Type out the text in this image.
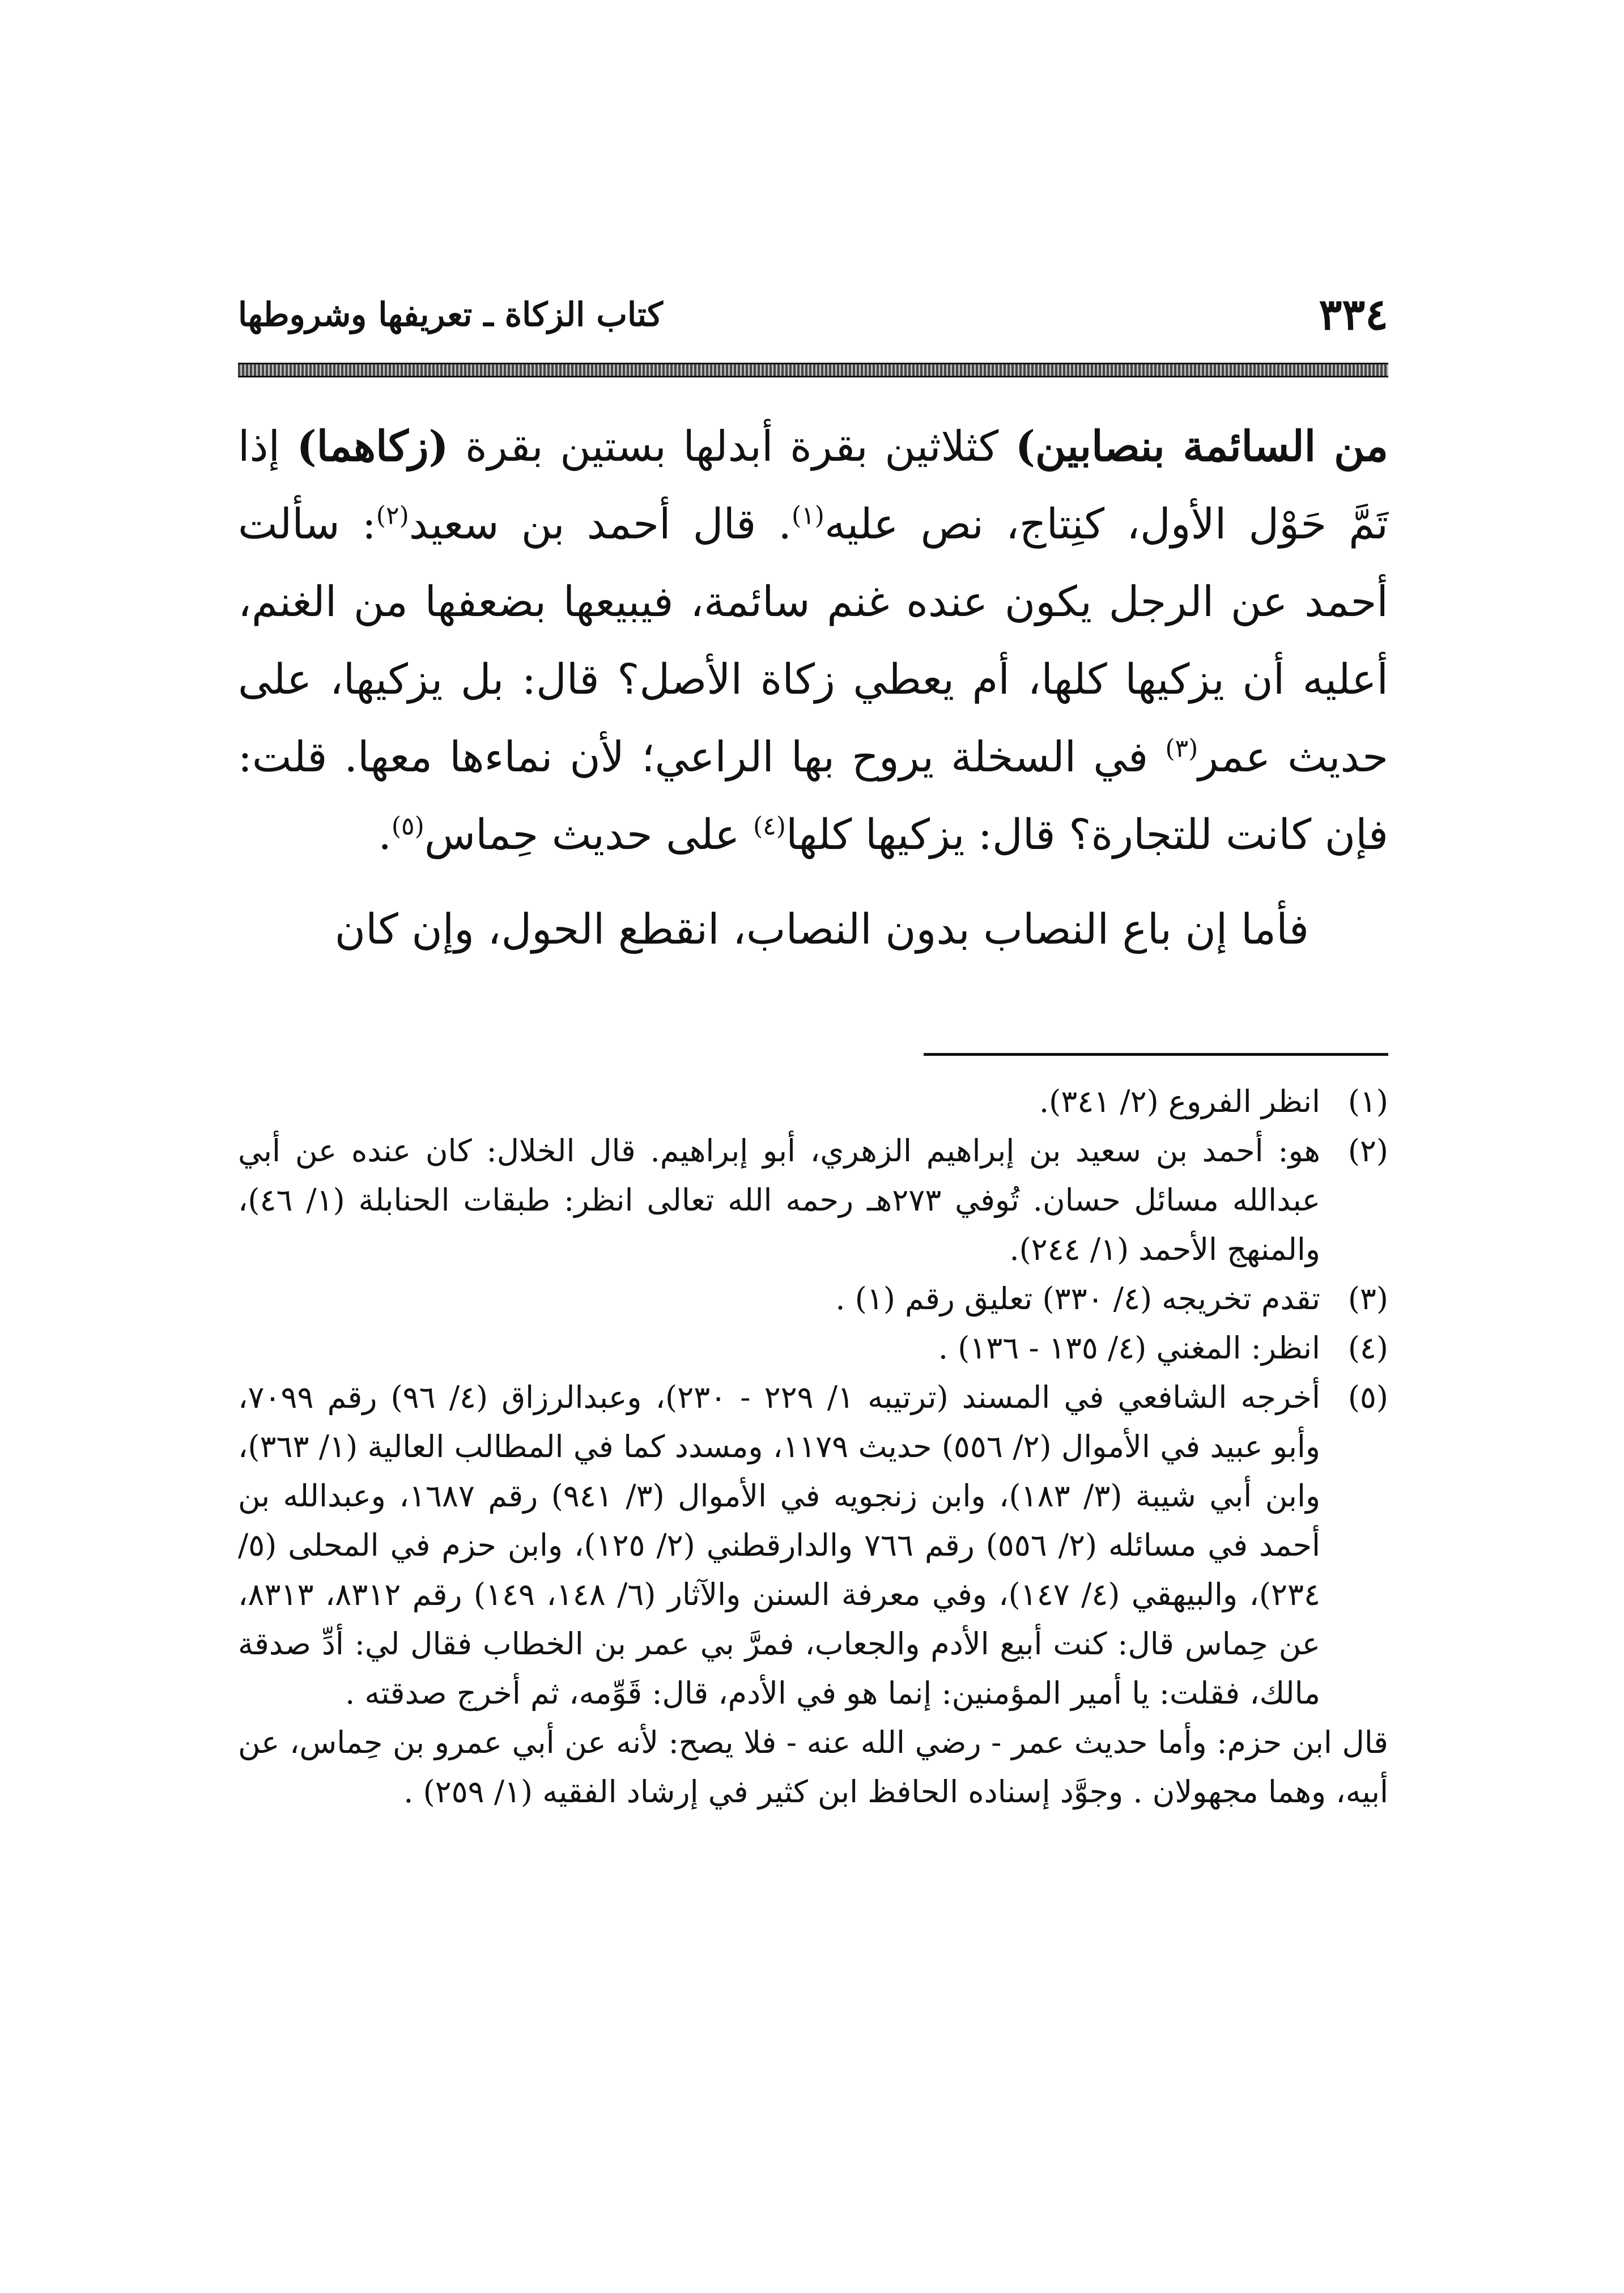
٣٣٤
كتاب الزكاة ـ تعريفها وشروطها

من السائمة بنصابين) كثلاثين بقرة أبدلها بستين بقرة (زكاهما) إذا تَمَّ حَوْل الأول، كنِتاج، نص عليه$^{(١)}$. قال أحمد بن سعيد$^{(٢)}$: سألت أحمد عن الرجل يكون عنده غنم سائمة، فيبيعها بضعفها من الغنم، أعليه أن يزكيها كلها، أم يعطي زكاة الأصل؟ قال: بل يزكيها، على حديث عمر$^{(٣)}$ في السخلة يروح بها الراعي؛ لأن نماءها معها. قلت: فإن كانت للتجارة؟ قال: يزكيها كلها$^{(٤)}$ على حديث حِماس$^{(٥)}$.

فأما إن باع النصاب بدون النصاب، انقطع الحول، وإن كان

(١)
انظر الفروع (٢/ ٣٤١).
(٢)
هو: أحمد بن سعيد بن إبراهيم الزهري، أبو إبراهيم. قال الخلال: كان عنده عن أبي عبدالله مسائل حسان. تُوفي ٢٧٣هـ رحمه الله تعالى انظر: طبقات الحنابلة (١/ ٤٦)، والمنهج الأحمد (١/ ٢٤٤).
(٣)
تقدم تخريجه (٤/ ٣٣٠) تعليق رقم (١) .
(٤)
انظر: المغني (٤/ ١٣٥ - ١٣٦) .
(٥)
أخرجه الشافعي في المسند (ترتيبه ١/ ٢٢٩ - ٢٣٠)، وعبدالرزاق (٤/ ٩٦) رقم ٧٠٩٩، وأبو عبيد في الأموال (٢/ ٥٥٦) حديث ١١٧٩، ومسدد كما في المطالب العالية (١/ ٣٦٣)، وابن أبي شيبة (٣/ ١٨٣)، وابن زنجويه في الأموال (٣/ ٩٤١) رقم ١٦٨٧، وعبدالله بن أحمد في مسائله (٢/ ٥٥٦) رقم ٧٦٦ والدارقطني (٢/ ١٢٥)، وابن حزم في المحلى (٥/ ٢٣٤)، والبيهقي (٤/ ١٤٧)، وفي معرفة السنن والآثار (٦/ ١٤٨، ١٤٩) رقم ٨٣١٢، ٨٣١٣، عن حِماس قال: كنت أبيع الأدم والجعاب، فمرَّ بي عمر بن الخطاب فقال لي: أدِّ صدقة مالك، فقلت: يا أمير المؤمنين: إنما هو في الأدم، قال: قَوِّمه، ثم أخرج صدقته .
قال ابن حزم: وأما حديث عمر - رضي الله عنه - فلا يصح: لأنه عن أبي عمرو بن حِماس، عن أبيه، وهما مجهولان . وجوَّد إسناده الحافظ ابن كثير في إرشاد الفقيه (١/ ٢٥٩) .
